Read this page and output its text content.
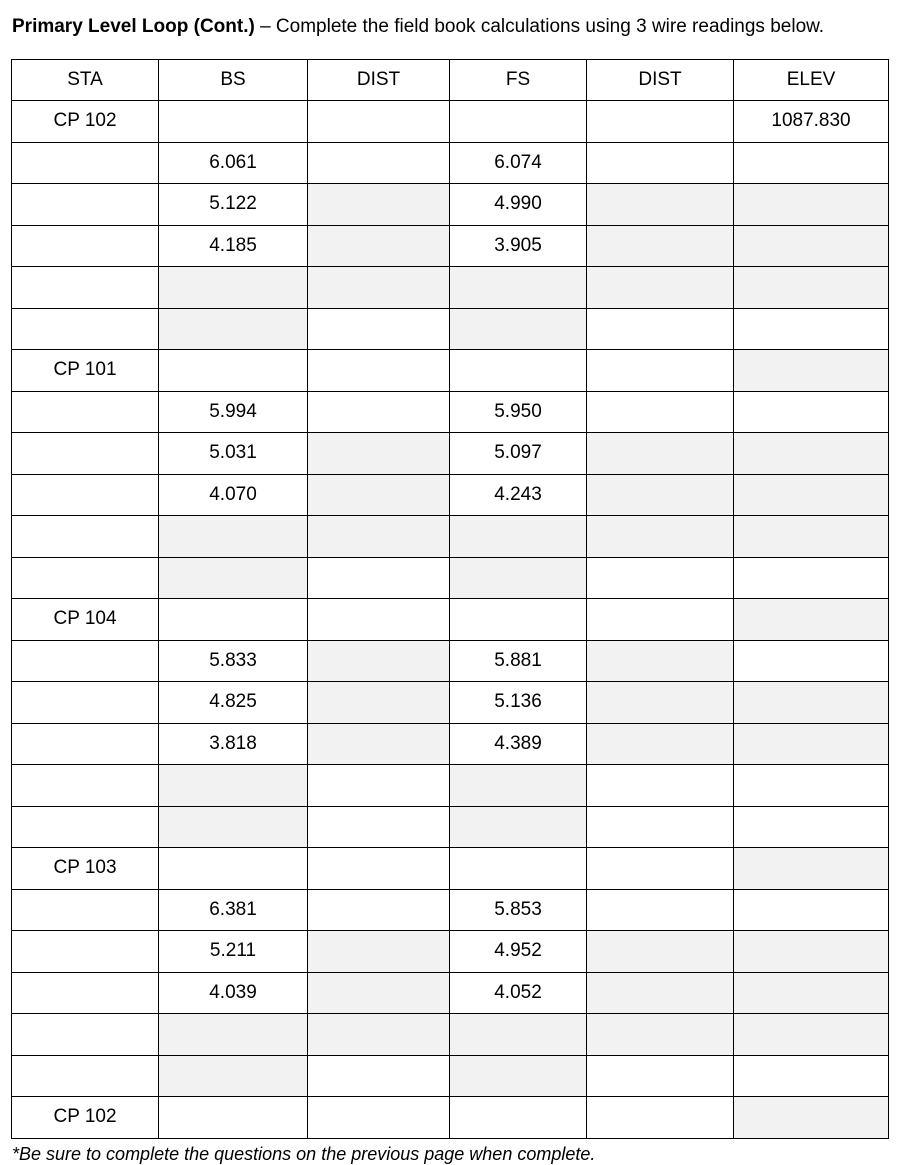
Primary Level Loop (Cont.) – Complete the field book calculations using 3 wire readings below.
STA	BS	DIST	FS	DIST	ELEV
CP 102					1087.830
	6.061		6.074		
	5.122		4.990		
	4.185		3.905		

CP 101					
	5.994		5.950		
	5.031		5.097		
	4.070		4.243		

CP 104					
	5.833		5.881		
	4.825		5.136		
	3.818		4.389		

CP 103					
	6.381		5.853		
	5.211		4.952		
	4.039		4.052		

CP 102					
*Be sure to complete the questions on the previous page when complete.
